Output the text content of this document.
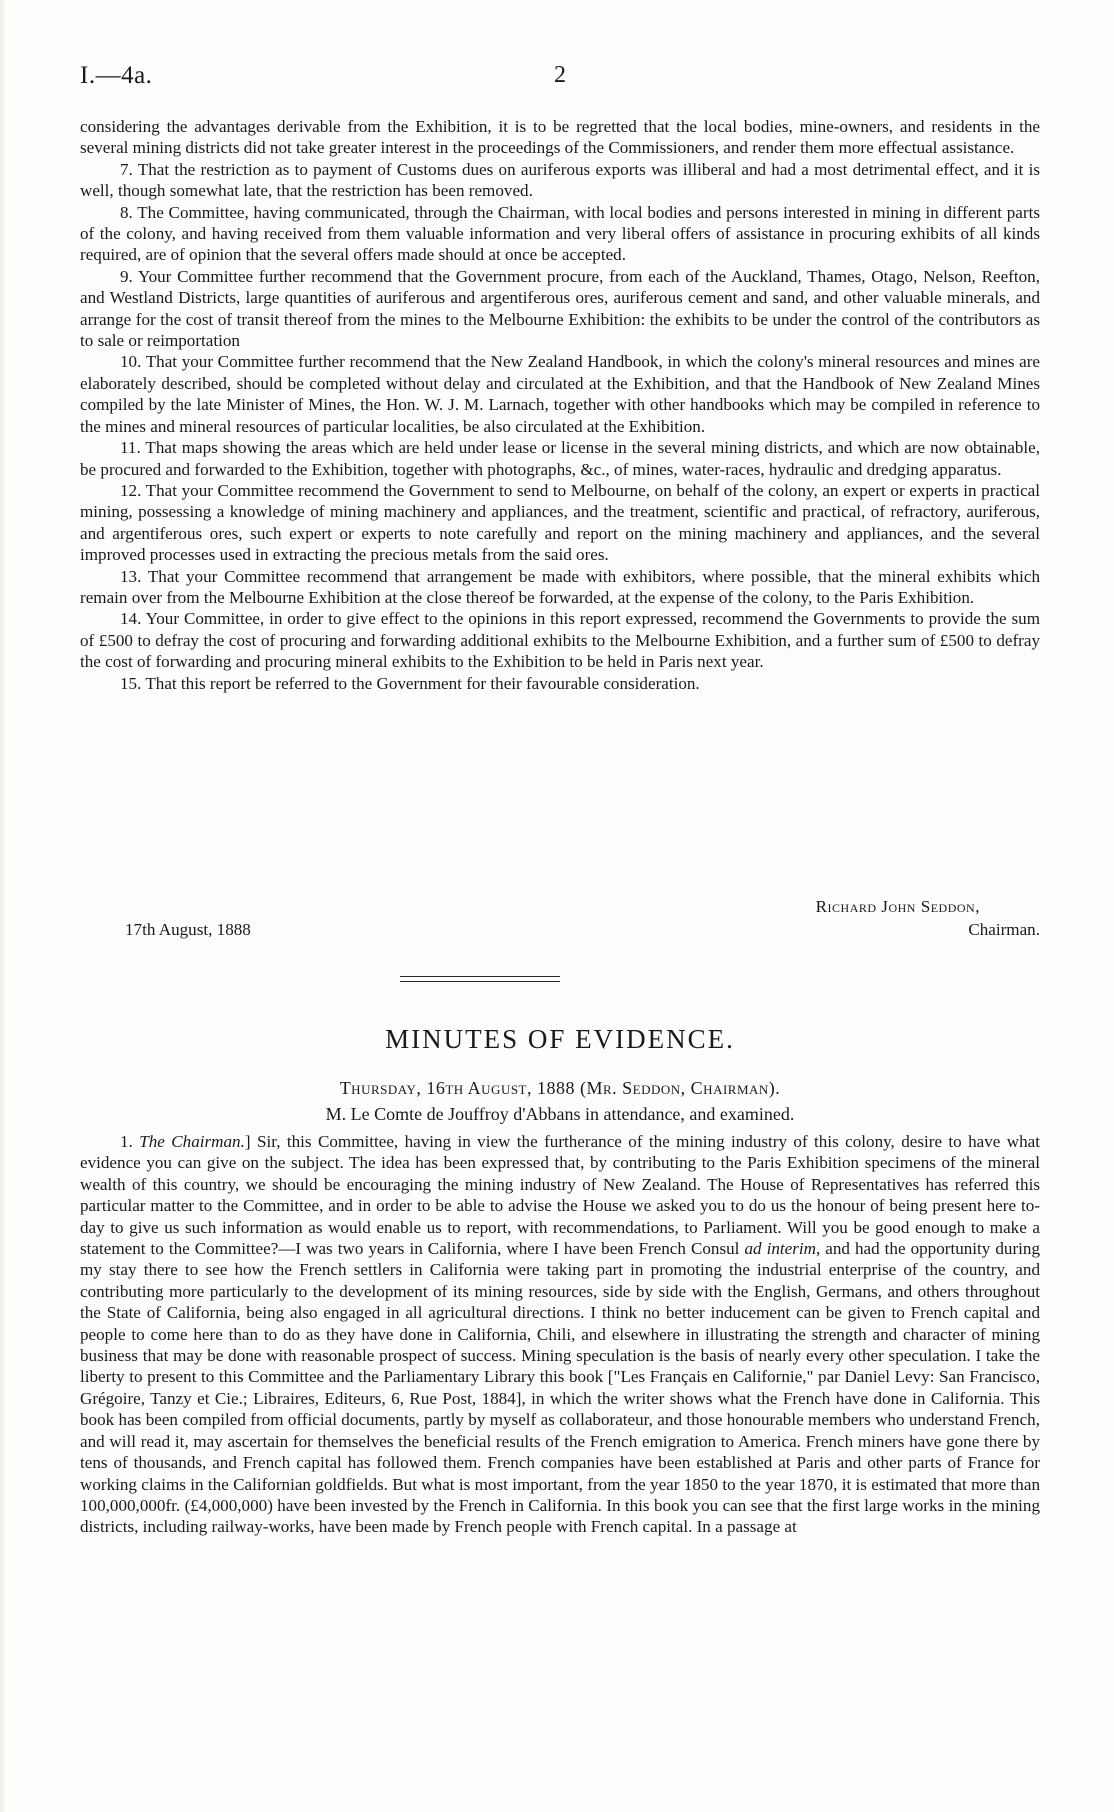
I.—4a.	2

considering the advantages derivable from the Exhibition, it is to be regretted that the local bodies, mine-owners, and residents in the several mining districts did not take greater interest in the proceedings of the Commissioners, and render them more effectual assistance.

7. That the restriction as to payment of Customs dues on auriferous exports was illiberal and had a most detrimental effect, and it is well, though somewhat late, that the restriction has been removed.

8. The Committee, having communicated, through the Chairman, with local bodies and persons interested in mining in different parts of the colony, and having received from them valuable information and very liberal offers of assistance in procuring exhibits of all kinds required, are of opinion that the several offers made should at once be accepted.

9. Your Committee further recommend that the Government procure, from each of the Auckland, Thames, Otago, Nelson, Reefton, and Westland Districts, large quantities of auriferous and argentiferous ores, auriferous cement and sand, and other valuable minerals, and arrange for the cost of transit thereof from the mines to the Melbourne Exhibition: the exhibits to be under the control of the contributors as to sale or reimportation

10. That your Committee further recommend that the New Zealand Handbook, in which the colony's mineral resources and mines are elaborately described, should be completed without delay and circulated at the Exhibition, and that the Handbook of New Zealand Mines compiled by the late Minister of Mines, the Hon. W. J. M. Larnach, together with other handbooks which may be compiled in reference to the mines and mineral resources of particular localities, be also circulated at the Exhibition.

11. That maps showing the areas which are held under lease or license in the several mining districts, and which are now obtainable, be procured and forwarded to the Exhibition, together with photographs, &c., of mines, water-races, hydraulic and dredging apparatus.

12. That your Committee recommend the Government to send to Melbourne, on behalf of the colony, an expert or experts in practical mining, possessing a knowledge of mining machinery and appliances, and the treatment, scientific and practical, of refractory, auriferous, and argentiferous ores, such expert or experts to note carefully and report on the mining machinery and appliances, and the several improved processes used in extracting the precious metals from the said ores.

13. That your Committee recommend that arrangement be made with exhibitors, where possible, that the mineral exhibits which remain over from the Melbourne Exhibition at the close thereof be forwarded, at the expense of the colony, to the Paris Exhibition.

14. Your Committee, in order to give effect to the opinions in this report expressed, recommend the Governments to provide the sum of £500 to defray the cost of procuring and forwarding additional exhibits to the Melbourne Exhibition, and a further sum of £500 to defray the cost of forwarding and procuring mineral exhibits to the Exhibition to be held in Paris next year.

15. That this report be referred to the Government for their favourable consideration.

Richard John Seddon,
17th August, 1888	Chairman.
MINUTES OF EVIDENCE.
Thursday, 16th August, 1888 (Mr. Seddon, Chairman).
M. Le Comte de Jouffroy d'Abbans in attendance, and examined.

1. The Chairman.] Sir, this Committee, having in view the furtherance of the mining industry of this colony, desire to have what evidence you can give on the subject. The idea has been expressed that, by contributing to the Paris Exhibition specimens of the mineral wealth of this country, we should be encouraging the mining industry of New Zealand. The House of Representatives has referred this particular matter to the Committee, and in order to be able to advise the House we asked you to do us the honour of being present here to-day to give us such information as would enable us to report, with recommendations, to Parliament. Will you be good enough to make a statement to the Committee?—I was two years in California, where I have been French Consul ad interim, and had the opportunity during my stay there to see how the French settlers in California were taking part in promoting the industrial enterprise of the country, and contributing more particularly to the development of its mining resources, side by side with the English, Germans, and others throughout the State of California, being also engaged in all agricultural directions. I think no better inducement can be given to French capital and people to come here than to do as they have done in California, Chili, and elsewhere in illustrating the strength and character of mining business that may be done with reasonable prospect of success. Mining speculation is the basis of nearly every other speculation. I take the liberty to present to this Committee and the Parliamentary Library this book ["Les Français en Californie," par Daniel Levy: San Francisco, Grégoire, Tanzy et Cie.; Libraires, Editeurs, 6, Rue Post, 1884], in which the writer shows what the French have done in California. This book has been compiled from official documents, partly by myself as collaborateur, and those honourable members who understand French, and will read it, may ascertain for themselves the beneficial results of the French emigration to America. French miners have gone there by tens of thousands, and French capital has followed them. French companies have been established at Paris and other parts of France for working claims in the Californian goldfields. But what is most important, from the year 1850 to the year 1870, it is estimated that more than 100,000,000fr. (£4,000,000) have been invested by the French in California. In this book you can see that the first large works in the mining districts, including railway-works, have been made by French people with French capital. In a passage at
